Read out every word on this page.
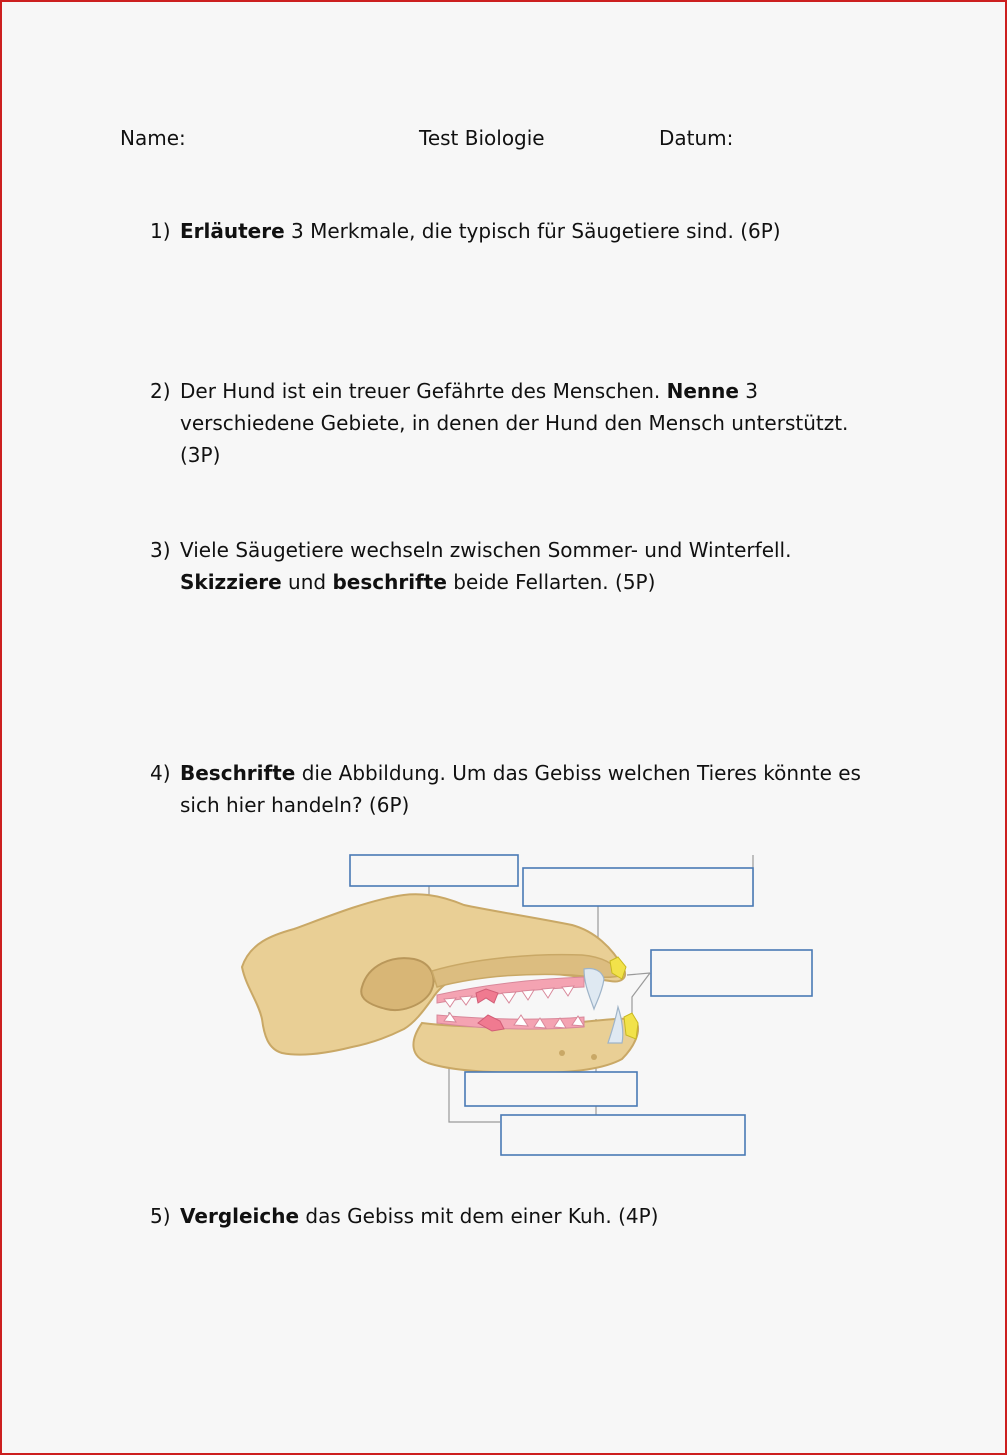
Name:	Test Biologie	Datum:
1) Erläutere 3 Merkmale, die typisch für Säugetiere sind. (6P)
2) Der Hund ist ein treuer Gefährte des Menschen. Nenne 3 verschiedene Gebiete, in denen der Hund den Mensch unterstützt. (3P)
3) Viele Säugetiere wechseln zwischen Sommer- und Winterfell. Skizziere und beschrifte beide Fellarten. (5P)
4) Beschrifte die Abbildung. Um das Gebiss welchen Tieres könnte es sich hier handeln? (6P)
5) Vergleiche das Gebiss mit dem einer Kuh. (4P)
